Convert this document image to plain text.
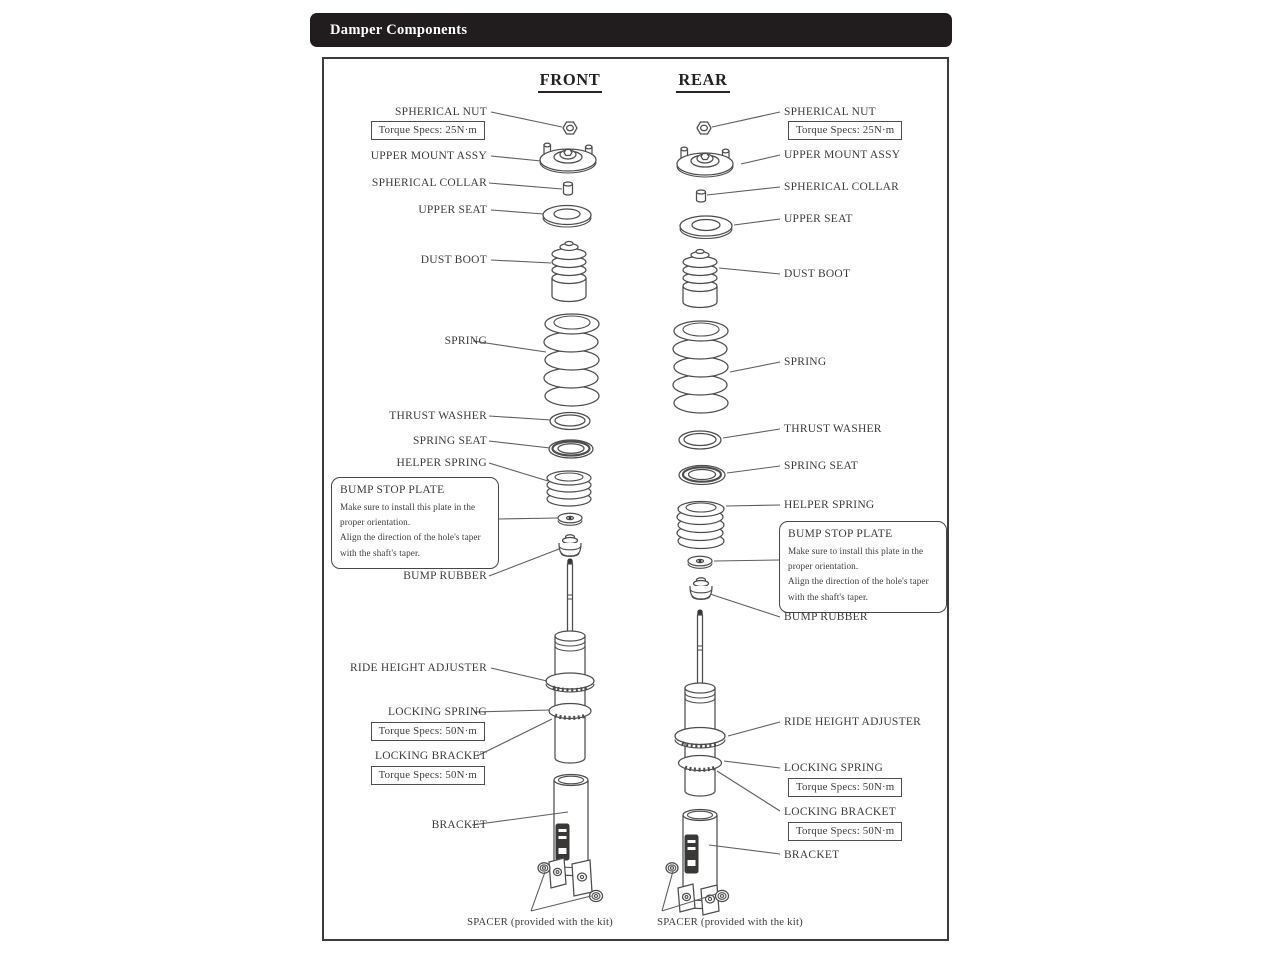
Damper Components
FRONT	REAR
SPHERICAL NUT
Torque Specs: 25N·m
UPPER MOUNT ASSY
SPHERICAL COLLAR
UPPER SEAT
DUST BOOT
SPRING
THRUST WASHER
SPRING SEAT
HELPER SPRING
BUMP STOP PLATE
Make sure to install this plate in the proper orientation.
Align the direction of the hole's taper with the shaft's taper.
BUMP RUBBER
RIDE HEIGHT ADJUSTER
LOCKING SPRING
Torque Specs: 50N·m
LOCKING BRACKET
Torque Specs: 50N·m
BRACKET
SPACER (provided with the kit)
SPHERICAL NUT
Torque Specs: 25N·m
UPPER MOUNT ASSY
SPHERICAL COLLAR
UPPER SEAT
DUST BOOT
SPRING
THRUST WASHER
SPRING SEAT
HELPER SPRING
BUMP STOP PLATE
Make sure to install this plate in the proper orientation.
Align the direction of the hole's taper with the shaft's taper.
BUMP RUBBER
RIDE HEIGHT ADJUSTER
LOCKING SPRING
Torque Specs: 50N·m
LOCKING BRACKET
Torque Specs: 50N·m
BRACKET
SPACER (provided with the kit)
